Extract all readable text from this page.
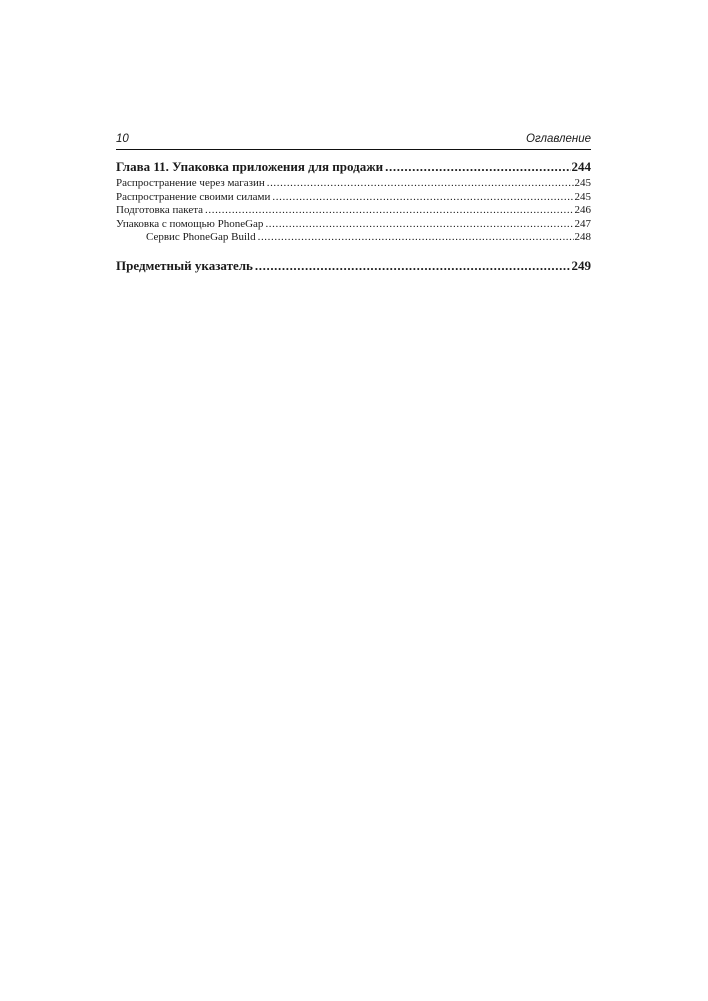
10	Оглавление
Глава 11. Упаковка приложения для продажи .....	244
Распространение через магазин .....	245
Распространение своими силами .....	245
Подготовка пакета .....	246
Упаковка с помощью PhoneGap .....	247
Сервис PhoneGap Build .....	248
Предметный указатель .....	249
